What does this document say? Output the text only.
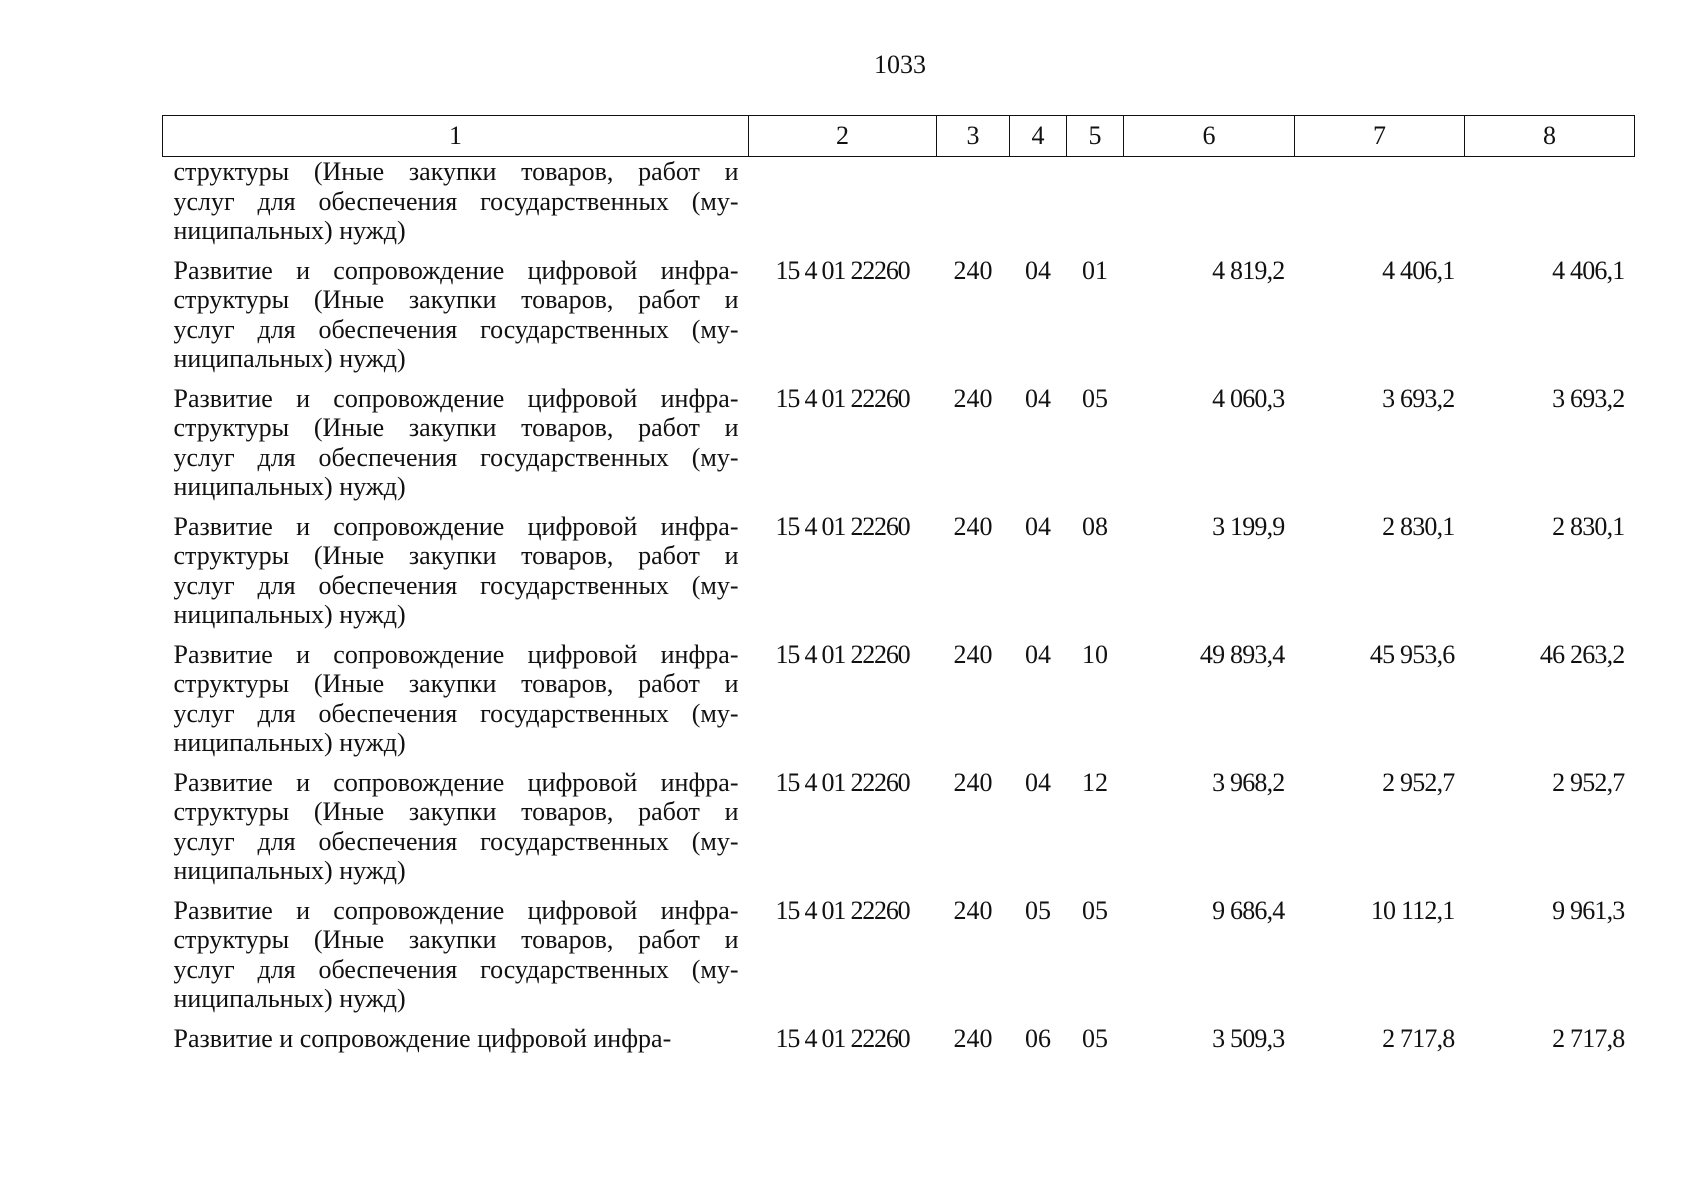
1033
1	2	3	4	5	6	7	8

структуры (Иные закупки товаров, работ и
услуг для обеспечения государственных (му-
ниципальных) нужд)							

Развитие и сопровождение цифровой инфра-
структуры (Иные закупки товаров, работ и
услуг для обеспечения государственных (му-
ниципальных) нужд)	15 4 01 22260	240	04	01	4 819,2	4 406,1	4 406,1

Развитие и сопровождение цифровой инфра-
структуры (Иные закупки товаров, работ и
услуг для обеспечения государственных (му-
ниципальных) нужд)	15 4 01 22260	240	04	05	4 060,3	3 693,2	3 693,2

Развитие и сопровождение цифровой инфра-
структуры (Иные закупки товаров, работ и
услуг для обеспечения государственных (му-
ниципальных) нужд)	15 4 01 22260	240	04	08	3 199,9	2 830,1	2 830,1

Развитие и сопровождение цифровой инфра-
структуры (Иные закупки товаров, работ и
услуг для обеспечения государственных (му-
ниципальных) нужд)	15 4 01 22260	240	04	10	49 893,4	45 953,6	46 263,2

Развитие и сопровождение цифровой инфра-
структуры (Иные закупки товаров, работ и
услуг для обеспечения государственных (му-
ниципальных) нужд)	15 4 01 22260	240	04	12	3 968,2	2 952,7	2 952,7

Развитие и сопровождение цифровой инфра-
структуры (Иные закупки товаров, работ и
услуг для обеспечения государственных (му-
ниципальных) нужд)	15 4 01 22260	240	05	05	9 686,4	10 112,1	9 961,3

Развитие и сопровождение цифровой инфра-	15 4 01 22260	240	06	05	3 509,3	2 717,8	2 717,8
